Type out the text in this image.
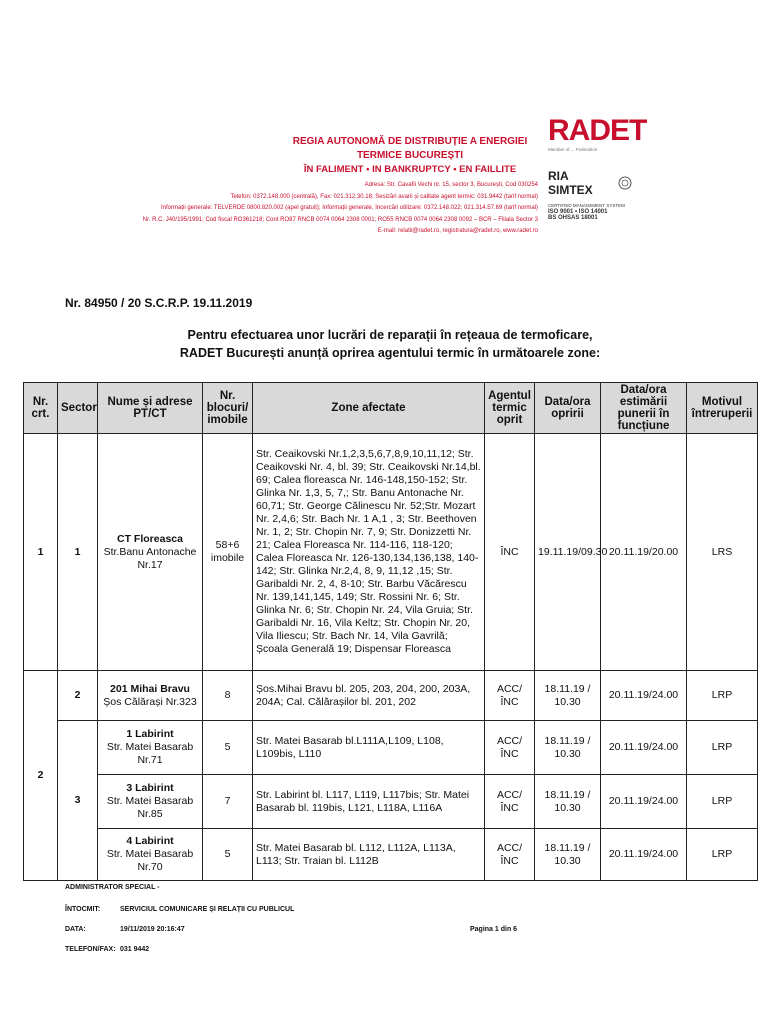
REGIA AUTONOMĂ DE DISTRIBUȚIE A ENERGIEI TERMICE BUCUREȘTI
ÎN FALIMENT • IN BANKRUPTCY • EN FAILLITE
Adresa: Str. Cavafii Vechi nr. 15, sector 3, București, Cod 030254
Telefon: 0372.148.000 (centrală), Fax: 021.312.30.18; Sesizări avarii și calitate agent termic: 031.9442 (tarif normal)
Informații generale: TELVERDE 0800.820.002 (apel gratuit); Informații generale, încercări utilizare: 0372.148.022; 021.314.57.69 (tarif normal)
Nr. R.C. J40/195/1991; Cod fiscal RO361218; Cont RO87 RNCB 0074 0064 2308 0001; RO55 RNCB 0074 0064 2308 0092 – BCR – Filiala Sector 3
E-mail: relatii@radet.ro, registratura@radet.ro, www.radet.ro
RADET
Member of ... Federation
RIA SIMTEX
CERTIFIED MANAGEMENT SYSTEM
ISO 9001 • ISO 14001
BS OHSAS 18001
Nr. 84950 / 20 S.C.R.P. 19.11.2019
Pentru efectuarea unor lucrări de reparații în rețeaua de termoficare,
RADET București anunță oprirea agentului termic în următoarele zone:
Nr. crt.	Sector	Nume și adrese PT/CT	Nr. blocuri/ imobile	Zone afectate	Agentul termic oprit	Data/ora opririi	Data/ora estimării punerii în funcțiune	Motivul întreruperii
1	1	CT Floreasca
Str.Banu Antonache Nr.17	58+6 imobile	Str. Ceaikovski Nr.1,2,3,5,6,7,8,9,10,11,12; Str. Ceaikovski Nr. 4, bl. 39; Str. Ceaikovski Nr.14,bl. 69; Calea floreasca Nr. 146-148,150-152; Str. Glinka Nr. 1,3, 5, 7,; Str. Banu Antonache Nr. 60,71; Str. George Călinescu Nr. 52;Str. Mozart Nr. 2,4,6; Str. Bach Nr. 1 A,1 , 3; Str. Beethoven Nr. 1, 2; Str. Chopin Nr. 7, 9; Str. Donizzetti Nr. 21; Calea Floreasca Nr. 114-116, 118-120; Calea Floreasca Nr. 126-130,134,136,138, 140-142; Str. Glinka Nr.2,4, 8, 9, 11,12 ,15; Str. Garibaldi Nr. 2, 4, 8-10; Str. Barbu Văcărescu Nr. 139,141,145, 149; Str. Rossini Nr. 6; Str. Glinka Nr. 6; Str. Chopin Nr. 24, Vila Gruia; Str. Garibaldi Nr. 16, Vila Keltz; Str. Chopin Nr. 20, Vila Iliescu; Str. Bach Nr. 14, Vila Gavrilă; Școala Generală 19; Dispensar Floreasca	ÎNC	19.11.19/09.30	20.11.19/20.00	LRS
2	2	201 Mihai Bravu
Șos Călărași Nr.323	8	Șos.Mihai Bravu bl. 205, 203, 204, 200, 203A, 204A; Cal. Călărașilor bl. 201, 202	ACC/ÎNC	18.11.19 / 10.30	20.11.19/24.00	LRP
	3	1 Labirint
Str. Matei Basarab Nr.71	5	Str. Matei Basarab bl.L111A,L109, L108, L109bis, L110	ACC/ÎNC	18.11.19 / 10.30	20.11.19/24.00	LRP

		3 Labirint
Str. Matei Basarab Nr.85	7	Str. Labirint bl. L117, L119, L117bis; Str. Matei Basarab bl. 119bis, L121, L118A, L116A	ACC/ÎNC	18.11.19 / 10.30	20.11.19/24.00	LRP

		4 Labirint
Str. Matei Basarab Nr.70	5	Str. Matei Basarab bl. L112, L112A, L113A, L113; Str. Traian bl. L112B	ACC/ÎNC	18.11.19 / 10.30	20.11.19/24.00	LRP
ADMINISTRATOR SPECIAL -
ÎNTOCMIT:	SERVICIUL COMUNICARE ȘI RELAȚII CU PUBLICUL
DATA:	19/11/2019 20:16:47	Pagina 1 din 6
TELEFON/FAX: 031 9442
